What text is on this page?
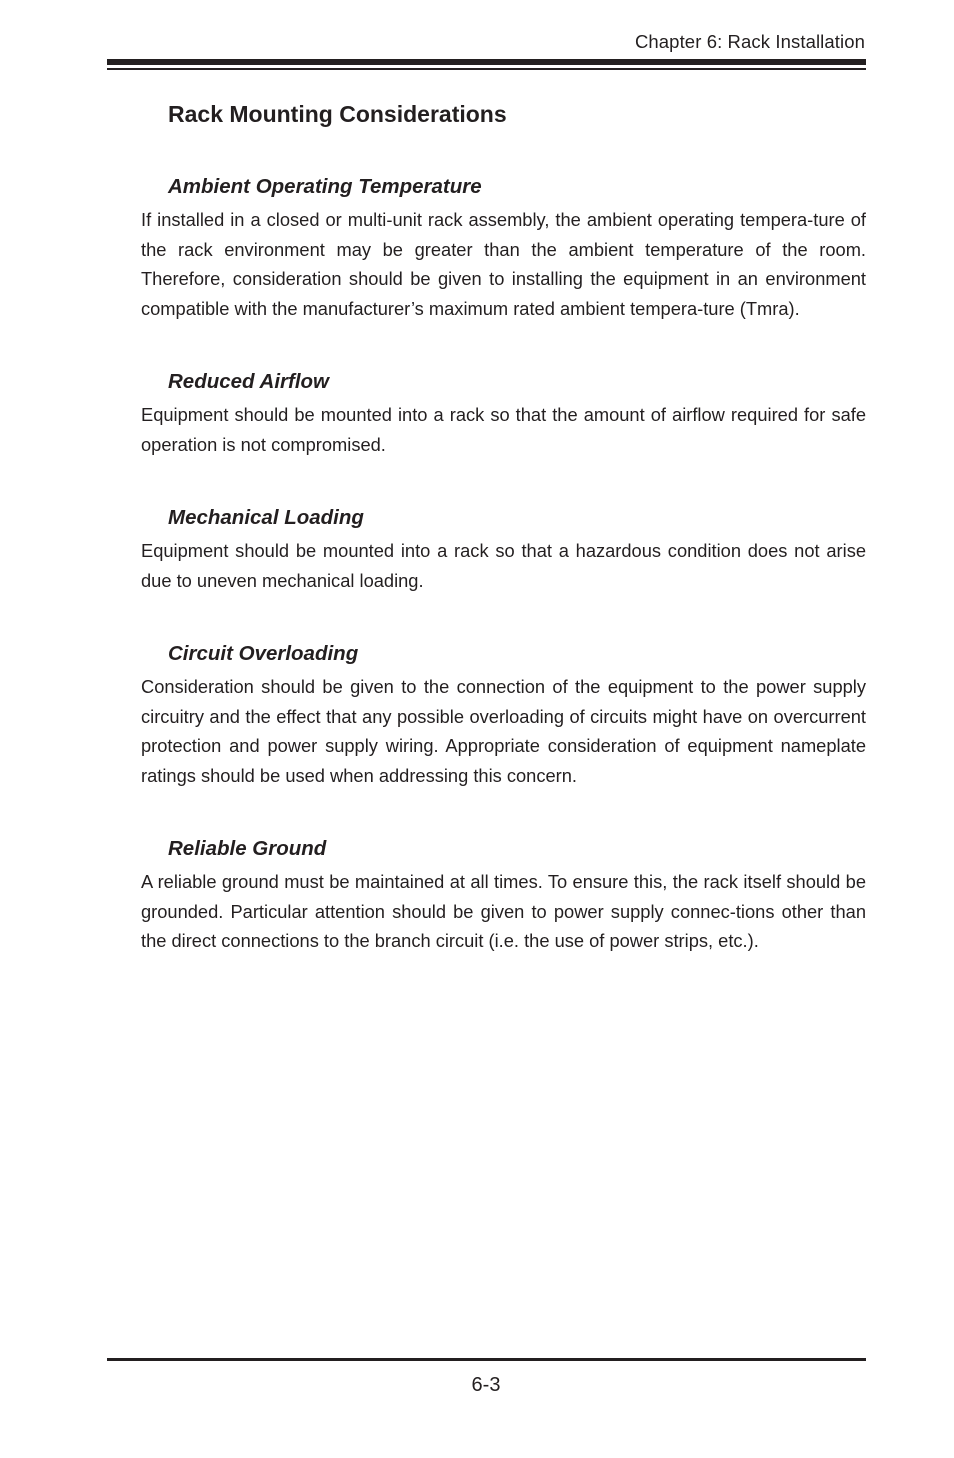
Chapter 6: Rack Installation
Rack Mounting Considerations
Ambient Operating Temperature

If installed in a closed or multi-unit rack assembly, the ambient operating tempera-ture of the rack environment may be greater than the ambient temperature of the room. Therefore, consideration should be given to installing the equipment in an environment compatible with the manufacturer’s maximum rated ambient tempera-ture (Tmra).

Reduced Airflow

Equipment should be mounted into a rack so that the amount of airflow required for safe operation is not compromised.

Mechanical Loading

Equipment should be mounted into a rack so that a hazardous condition does not arise due to uneven mechanical loading.

Circuit Overloading

Consideration should be given to the connection of the equipment to the power supply circuitry and the effect that any possible overloading of circuits might have on overcurrent protection and power supply wiring. Appropriate consideration of equipment nameplate ratings should be used when addressing this concern.

Reliable Ground

A reliable ground must be maintained at all times. To ensure this, the rack itself should be grounded. Particular attention should be given to power supply connec-tions other than the direct connections to the branch circuit (i.e. the use of power strips, etc.).

6-3
